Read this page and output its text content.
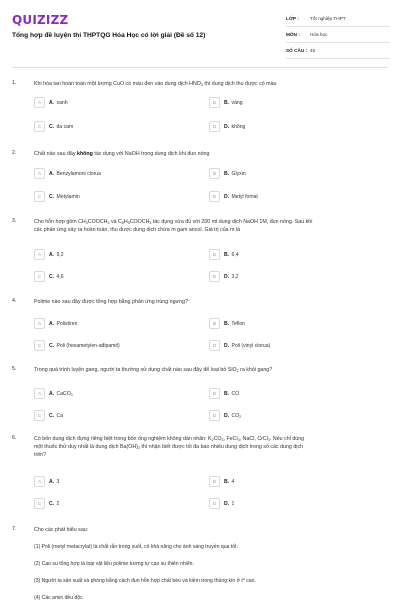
QUIZIZZ
Tổng hợp đề luyện thi THPTQG Hóa Học có lời giải (Đề số 12)
LỚP :	Tốt nghiệp THPT
MÔN :	Hóa học
SỐ CÂU : 40
1.	Khi hòa tan hoàn toàn một lượng CuO có màu đen vào dung dịch $HNO_3$ thì dung dịch thu được có màu
A	A. xanh	B	B. vàng
C	C. da cam	D	D. không
2.	Chất nào sau đây không tác dụng với NaOH trong dung dịch khi đun nóng
A	A. Benzylamoni clorua	B	B. Glyxin
C	C. Metylamin	D	D. Metyl fomat
3.	Cho hỗn hợp gồm $CH_3COOCH_3$ và $C_6H_5COOCH_3$ tác dụng vừa đủ với 200 ml dung dịch NaOH 1M, đun nóng. Sau khi
các phản ứng xảy ra hoàn toàn, thu được dung dịch chứa m gam ancol. Giá trị của m là
A	A. 9,2	B	B. 6,4
C	C. 4,6	D	D. 3,2
4.	Polime nào sau đây được tổng hợp bằng phản ứng trùng ngưng?
A	A. Polistiren	B	B. Teflon
C	C. Poli (hexametylen-ađipamit)	D	D. Poli (vinyl clorua)
5.	Trong quá trình luyện gang, người ta thường sử dụng chất nào sau đây để loại bỏ SiO$_2$ ra khỏi gang?
A	A. CaCO$_3$	B	B. CO
C	C. Ca	D	D. $CO_2$
6.	Có bốn dung dịch đựng riêng biệt trong bốn ống nghiệm không dán nhãn: $K_2CO_3$, FeCl$_3$, NaCl, CrCl$_3$. Nếu chỉ dùng
một thuốc thử duy nhất là dung dịch $Ba(OH)_2$ thì nhận biết được tối đa bao nhiêu dung dịch trong số các dung dịch
trên?
A	A. 3	B	B. 4
C	C. 2	D	D. 1
7.	Cho các phát biểu sau:
(1) Poli (metyl metacrylat) là chất rắn trong suốt, có khả năng cho ánh sáng truyền qua tốt.
(2) Cao su tổng hợp là loại vật liệu polime tương tự cao su thiên nhiên.
(3) Người ta sản xuất xà phòng bằng cách đun hỗn hợp chất béo và kiềm trong thùng kín ở $t^o$ cao.
(4) Các amin đều độc.
